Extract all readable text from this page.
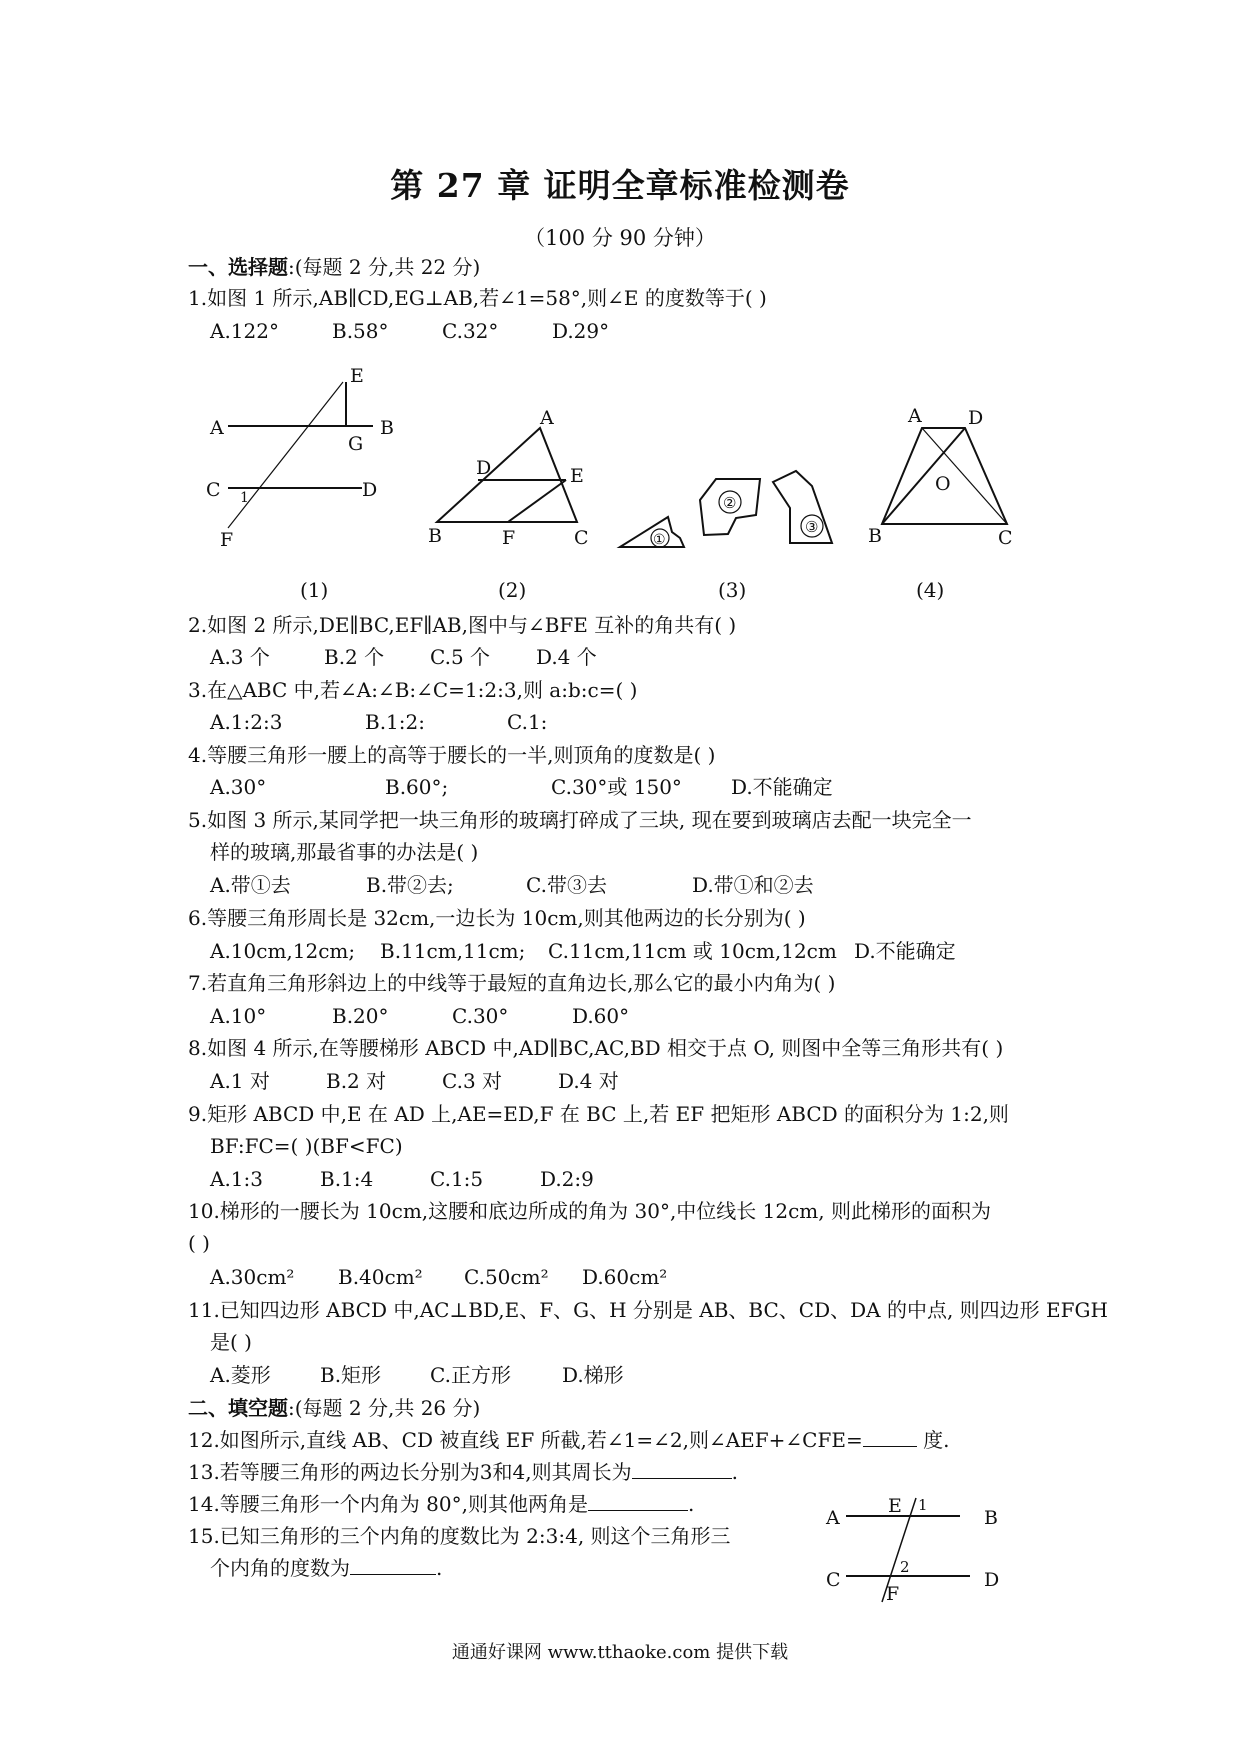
第 27 章 证明全章标准检测卷
（100 分 90 分钟）
一、选择题:(每题 2 分,共 22 分)
1.如图 1 所示,AB∥CD,EG⊥AB,若∠1=58°,则∠E 的度数等于( )
A.122°	B.58°	C.32°	D.29°
A	B
C	D
E
F
G
1
A
B	C
D	E
F	①
②
③
A D
B	C
O
(1)	(2)	(3)	(4)
2.如图 2 所示,DE∥BC,EF∥AB,图中与∠BFE 互补的角共有( )
A.3 个	B.2 个 C.5 个 D.4 个
3.在△ABC 中,若∠A:∠B:∠C=1:2:3,则 a:b:c=( )
A.1:2:3	B.1:2:	C.1:
4.等腰三角形一腰上的高等于腰长的一半,则顶角的度数是( )
A.30°	B.60°;	C.30°或 150° D.不能确定
5.如图 3 所示,某同学把一块三角形的玻璃打碎成了三块, 现在要到玻璃店去配一块完全一
样的玻璃,那最省事的办法是( )
A.带①去	B.带②去;	C.带③去	D.带①和②去
6.等腰三角形周长是 32cm,一边长为 10cm,则其他两边的长分别为( )
A.10cm,12cm; B.11cm,11cm; C.11cm,11cm 或 10cm,12cm D.不能确定
7.若直角三角形斜边上的中线等于最短的直角边长,那么它的最小内角为( )
A.10°	B.20°	C.30°	D.60°
8.如图 4 所示,在等腰梯形 ABCD 中,AD∥BC,AC,BD 相交于点 O, 则图中全等三角形共有( )
A.1 对	B.2 对	C.3 对	D.4 对
9.矩形 ABCD 中,E 在 AD 上,AE=ED,F 在 BC 上,若 EF 把矩形 ABCD 的面积分为 1:2,则
BF:FC=( )(BF<FC)
A.1:3	B.1:4	C.1:5	D.2:9
10.梯形的一腰长为 10cm,这腰和底边所成的角为 30°,中位线长 12cm, 则此梯形的面积为
( )
A.30cm² B.40cm² C.50cm² D.60cm²
11.已知四边形 ABCD 中,AC⊥BD,E、F、G、H 分别是 AB、BC、CD、DA 的中点, 则四边形 EFGH
是( )
A.菱形 B.矩形 C.正方形	D.梯形
二、填空题:(每题 2 分,共 26 分)
12.如图所示,直线 AB、CD 被直线 EF 所截,若∠1=∠2,则∠AEF+∠CFE=	度.
13.若等腰三角形的两边长分别为3和4,则其周长为	.
14.等腰三角形一个内角为 80°,则其他两角是	.
15.已知三角形的三个内角的度数比为 2:3:4, 则这个三角形三
个内角的度数为	.
A	B
C	D
E
F
1
2
通通好课网 www.tthaoke.com 提供下载
